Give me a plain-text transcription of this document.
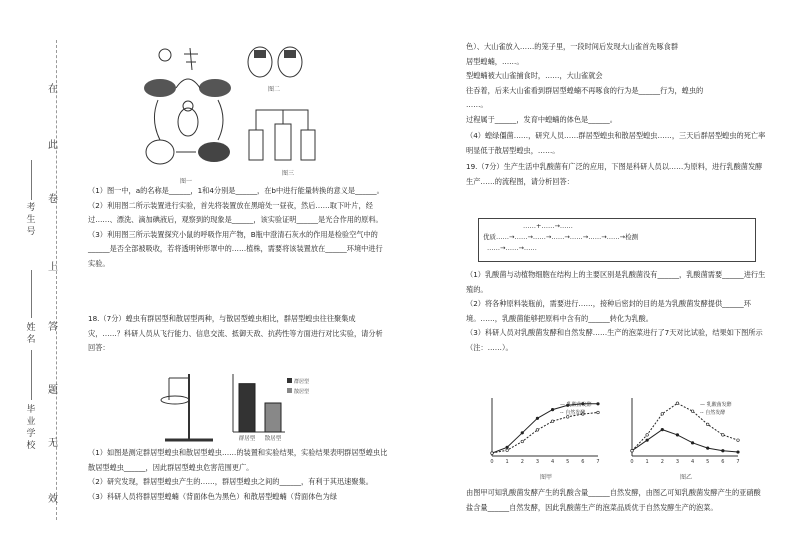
在
此
卷
上
答
题
无
效
考生号
姓名
毕业学校
图一
图二
图三

（1）图一中，a的名称是______，1和4分别是______，在b中进行能量转换的意义是______。

（2）利用图二所示装置进行实验，首先将装置放在黑暗处一昼夜，然后……取下叶片，经过……、漂洗、滴加碘液后，观察到的现象是______，该实验证明______是光合作用的原料。

（3）利用图三所示装置探究小鼠的呼吸作用产物，B瓶中澄清石灰水的作用是检验空气中的______是否全部被吸收，若将透明钟形罩中的……植株，需要将该装置放在______环境中进行实验。

18.（7分）蝗虫有群居型和散居型两种，与散居型蝗虫相比，群居型蝗虫往往聚集成灾，……？科研人员从飞行能力、信息交流、抵御天敌、抗药性等方面进行对比实验，请分析回答：

群居型 散居型
群居型
散居型

（1）如图是测定群居型蝗虫和散居型蝗虫……的装置和实验结果，实验结果表明群居型蝗虫比散居型蝗虫______，因此群居型蝗虫危害范围更广。

（2）研究发现，群居型蝗虫产生的……，群居型蝗虫之间的______，有利于其迅速聚集。

（3）科研人员将群居型蝗蝻（背面体色为黑色）和散居型蝗蝻（背面体色为绿

色）、大山雀放入……的笼子里，一段时间后发现大山雀首先啄食群

居型蝗蝻，……。

型蝗蝻被大山雀捕食时，……，大山雀就会

往吞着，后来大山雀看到群居型蝗蝻不再啄食的行为是______行为，蝗虫的

……。

过程属于______，发育中蝗蝻的体色是______。

（4）蝗绿僵菌……，研究人员……群居型蝗虫和散居型蝗虫……，三天后群居型蝗虫的死亡率明显低于散居型蝗虫，……。

19.（7分）生产生活中乳酸菌有广泛的应用，下图是科研人员以……为原料，进行乳酸菌发酵生产……的流程图，请分析回答：

……+……→……
优质……→……→……→……→……→……→……→检测
……→……→……

（1）乳酸菌与动植物细胞在结构上的主要区别是乳酸菌没有______，乳酸菌需要______进行生殖的。

（2）将各种原料装瓶前，需要进行……，接种后密封的目的是为乳酸菌发酵提供______环境。……，乳酸菌能够把原料中含有的______转化为乳酸。

（3）科研人员对乳酸菌发酵和自然发酵……生产的泡菜进行了7天对比试验，结果如下图所示（注：……）。

0 1 2 3 4 5 6 7
— 乳酸菌发酵
-- 自然发酵
图甲
0 1 2 3 4 5 6 7
— 乳酸菌发酵
-- 自然发酵
图乙

由图甲可知乳酸菌发酵产生的乳酸含量______自然发酵，由图乙可知乳酸菌发酵产生的亚硝酸盐含量______自然发酵，因此乳酸菌生产的泡菜品质优于自然发酵生产的泡菜。
